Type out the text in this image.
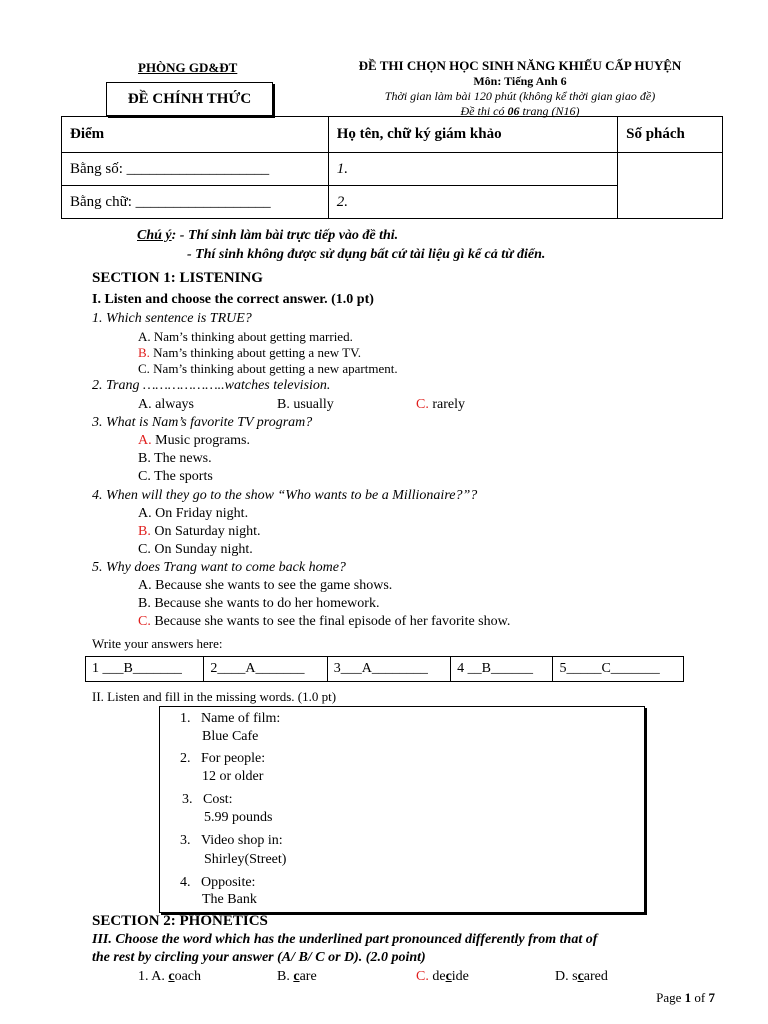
PHÒNG GD&ĐT
ĐỀ CHÍNH THỨC
ĐỀ THI CHỌN HỌC SINH NĂNG KHIẾU CẤP HUYỆN
Môn: Tiếng Anh 6
Thời gian làm bài 120 phút (không kể thời gian giao đề)
Đề thi có 06 trang (N16)
Điểm	Họ tên, chữ ký giám khảo	Số phách
Bằng số: ___________________	1.	
Bằng chữ: __________________	2.	
Chú ý: - Thí sinh làm bài trực tiếp vào đề thi.
- Thí sinh không được sử dụng bất cứ tài liệu gì kể cả từ điển.
SECTION 1: LISTENING
I. Listen and choose the correct answer. (1.0 pt)
1. Which sentence is TRUE?
A. Nam’s thinking about getting married.
B. Nam’s thinking about getting a new TV.
C. Nam’s thinking about getting a new apartment.
2. Trang ………………..watches television.
A. always	B. usually	C. rarely
3. What is Nam’s favorite TV program?
A. Music programs.
B. The news.
C. The sports
4. When will they go to the show “Who wants to be a Millionaire?”?
A. On Friday night.
B. On Saturday night.
C. On Sunday night.
5. Why does Trang want to come back home?
A. Because she wants to see the game shows.
B. Because she wants to do her homework.
C. Because she wants to see the final episode of her favorite show.
Write your answers here:
1 ___B_______	2____A_______	3___A________	4 __B______	5_____C_______
II. Listen and fill in the missing words. (1.0 pt)
1. Name of film:
Blue Cafe
2. For people:
12 or older
3. Cost:
5.99 pounds
3. Video shop in:
Shirley(Street)
4. Opposite:
The Bank
SECTION 2: PHONETICS
III. Choose the word which has the underlined part pronounced differently from that of
the rest by circling your answer (A/ B/ C or D). (2.0 point)
1. A. coach	B. care	C. decide	D. scared
Page 1 of 7
